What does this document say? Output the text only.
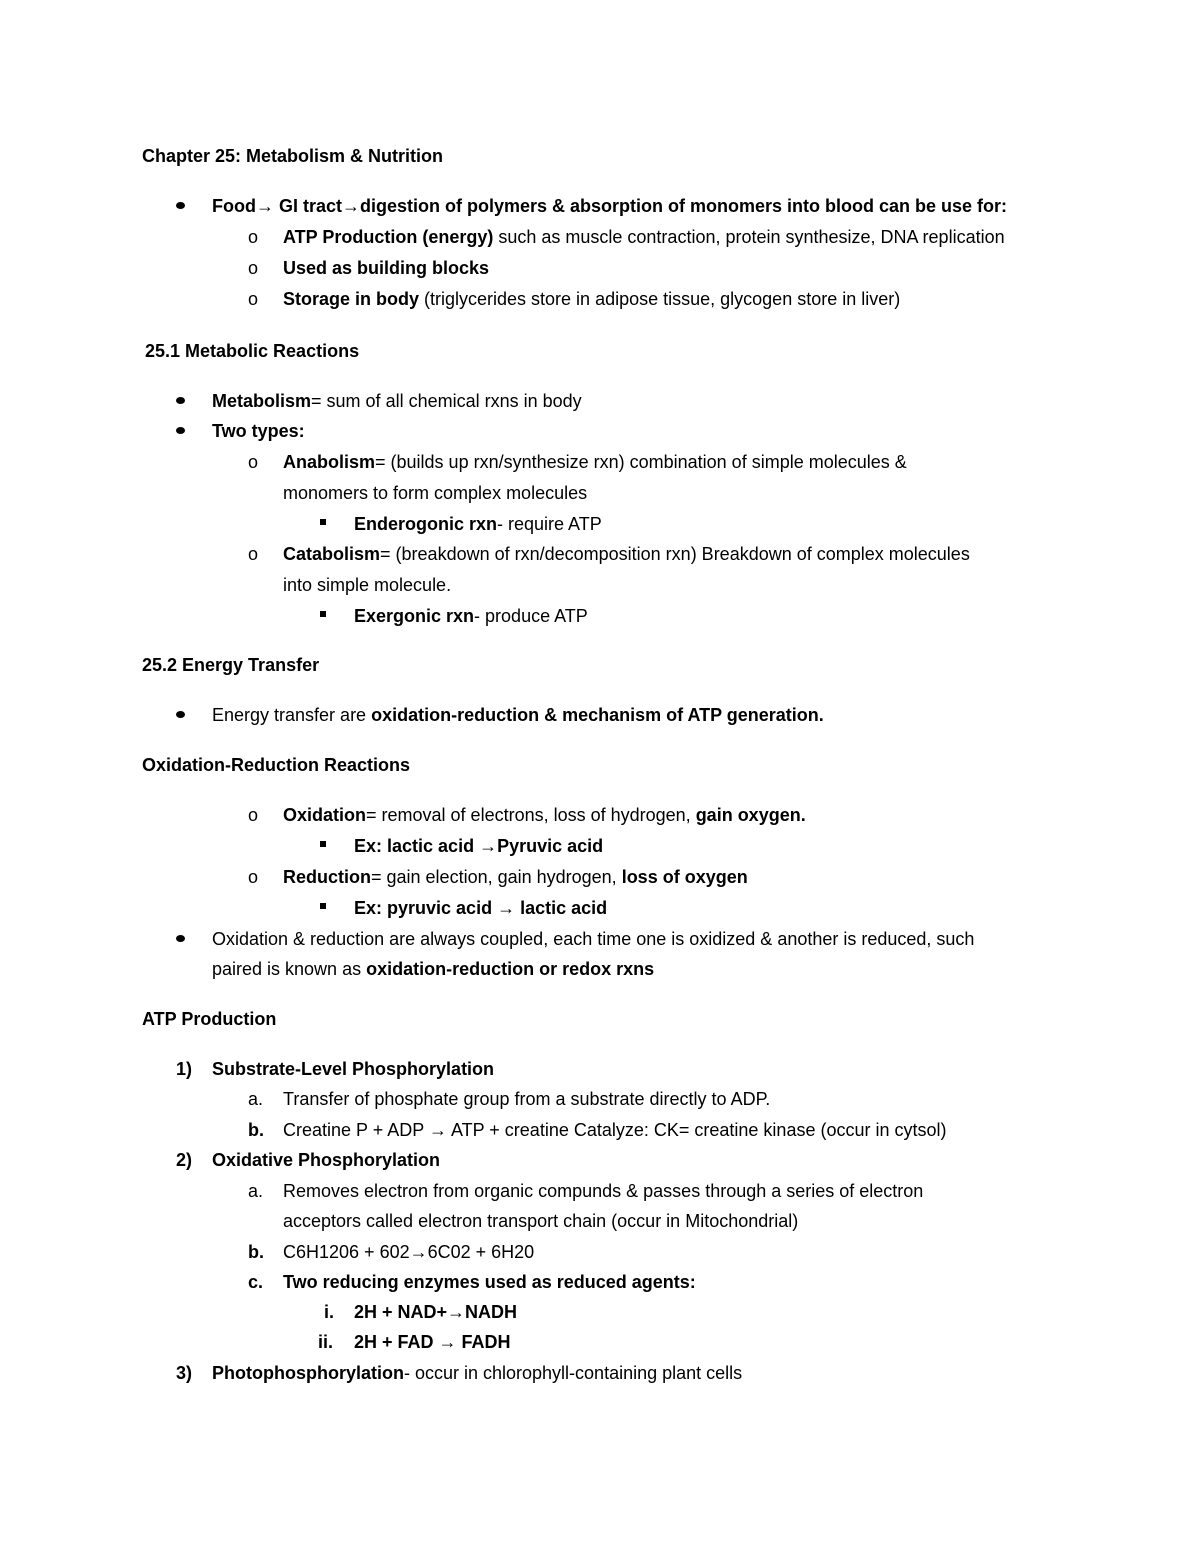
Chapter 25: Metabolism & Nutrition
Food→ GI tract→digestion of polymers & absorption of monomers into blood can be use for:
o ATP Production (energy) such as muscle contraction, protein synthesize, DNA replication
o Used as building blocks
o Storage in body (triglycerides store in adipose tissue, glycogen store in liver)
25.1 Metabolic Reactions
Metabolism= sum of all chemical rxns in body
Two types:
o Anabolism= (builds up rxn/synthesize rxn) combination of simple molecules &
monomers to form complex molecules
Enderogonic rxn- require ATP
o Catabolism= (breakdown of rxn/decomposition rxn) Breakdown of complex molecules
into simple molecule.
Exergonic rxn- produce ATP
25.2 Energy Transfer
Energy transfer are oxidation-reduction & mechanism of ATP generation.
Oxidation-Reduction Reactions
o Oxidation= removal of electrons, loss of hydrogen, gain oxygen.
Ex: lactic acid →Pyruvic acid
o Reduction= gain election, gain hydrogen, loss of oxygen
Ex: pyruvic acid → lactic acid
Oxidation & reduction are always coupled, each time one is oxidized & another is reduced, such
paired is known as oxidation-reduction or redox rxns
ATP Production
1) Substrate-Level Phosphorylation
a. Transfer of phosphate group from a substrate directly to ADP.
b. Creatine P + ADP → ATP + creatine Catalyze: CK= creatine kinase (occur in cytsol)
2) Oxidative Phosphorylation
a. Removes electron from organic compunds & passes through a series of electron
acceptors called electron transport chain (occur in Mitochondrial)
b. C6H1206 + 602→6C02 + 6H20
c. Two reducing enzymes used as reduced agents:
i. 2H + NAD+→NADH
ii. 2H + FAD → FADH
3) Photophosphorylation- occur in chlorophyll-containing plant cells
